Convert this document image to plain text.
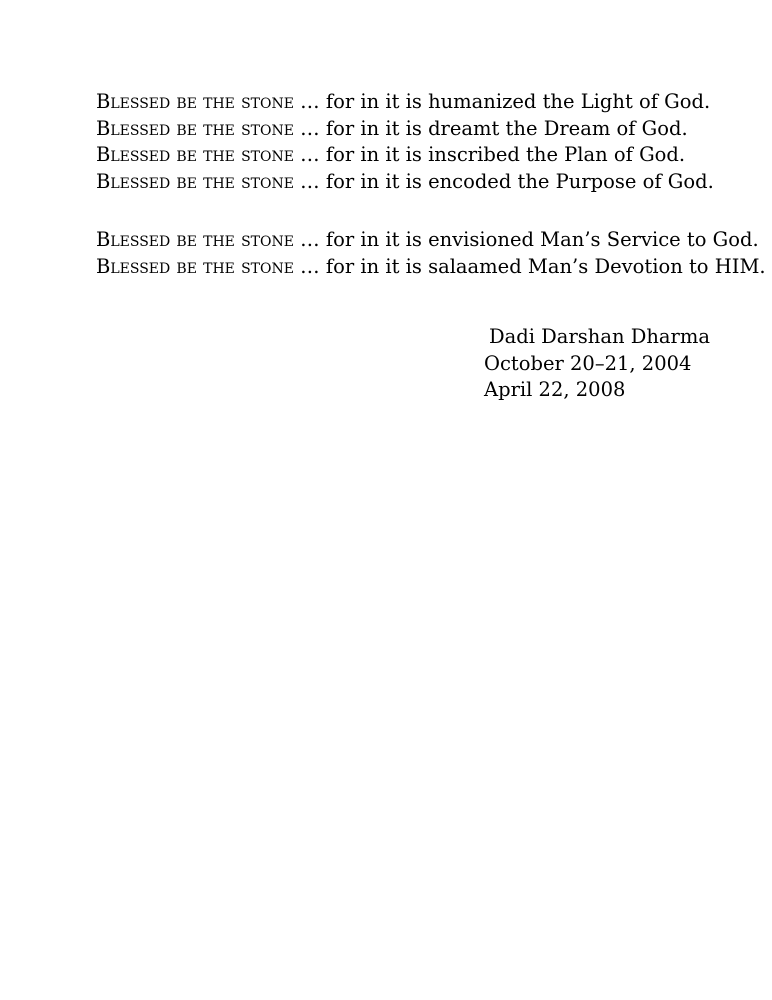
Blessed be the stone … for in it is humanized the Light of God.
Blessed be the stone … for in it is dreamt the Dream of God.
Blessed be the stone … for in it is inscribed the Plan of God.
Blessed be the stone … for in it is encoded the Purpose of God.
Blessed be the stone … for in it is envisioned Man’s Service to God.
Blessed be the stone … for in it is salaamed Man’s Devotion to HIM.
Dadi Darshan Dharma
October 20–21, 2004
April 22, 2008
